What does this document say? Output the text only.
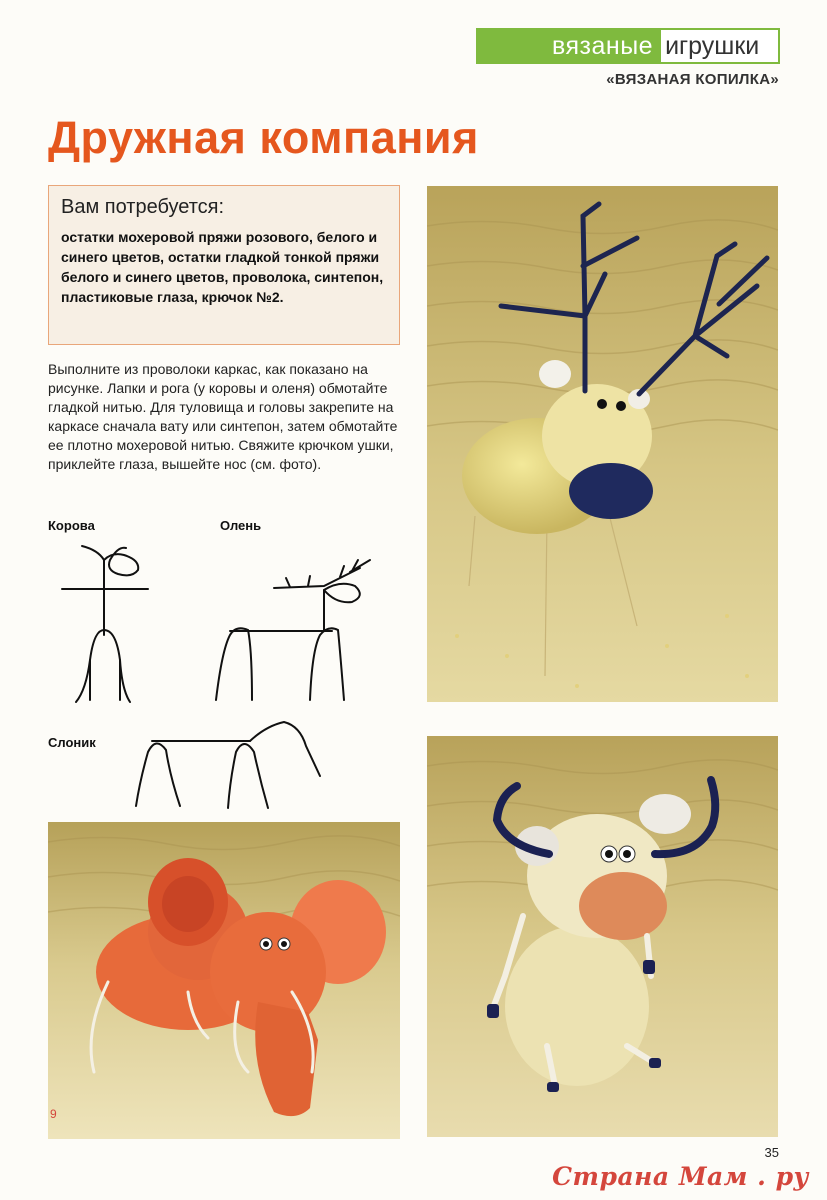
вязаные игрушки
«ВЯЗАНАЯ КОПИЛКА»
Дружная компания
Вам потребуется:
остатки мохеровой пряжи розового, белого и синего цветов, остатки гладкой тонкой пряжи белого и синего цветов, проволока, синтепон, пластиковые глаза, крючок №2.
Выполните из проволоки каркас, как показано на рисунке. Лапки и рога (у коровы и оленя) обмотайте гладкой нитью. Для туловища и головы закрепите на каркасе сначала вату или синтепон, затем обмотайте ее плотно мохеровой нитью. Свяжите крючком ушки, приклейте глаза, вышейте нос (см. фото).
Корова	Олень
Слоник
9
35
Страна Мам . ру
